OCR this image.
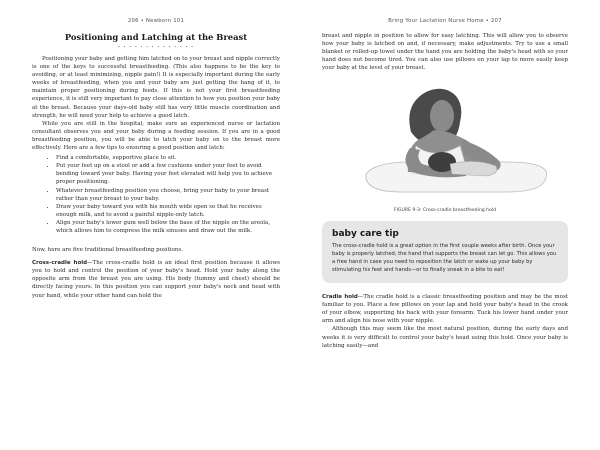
206 • Newborn 101
Positioning and Latching at the Breast
• • • • • • • • • • • • • •

Positioning your baby and getting him latched on to your breast and nipple correctly is one of the keys to successful breastfeeding. (This also happens to be the key to avoiding, or at least minimizing, nipple pain!) It is especially important during the early weeks of breastfeeding, when you and your baby are just getting the hang of it, to maintain proper positioning during feeds. If this is not your first breastfeeding experience, it is still very important to pay close attention to how you position your baby at the breast. Because your days-old baby still has very little muscle coordination and strength, he will need your help to achieve a good latch.

While you are still in the hospital, make sure an experienced nurse or lactation consultant observes you and your baby during a feeding session. If you are in a good breastfeeding position, you will be able to latch your baby on to the breast more effectively. Here are a few tips to ensuring a good position and latch:

• Find a comfortable, supportive place to sit.
• Put your feet up on a stool or add a few cushions under your feet to avoid bending toward your baby. Having your feet elevated will help you to achieve proper positioning.
• Whatever breastfeeding position you choose, bring your baby to your breast rather than your breast to your baby.
• Draw your baby toward you with his mouth wide open so that he receives enough milk, and to avoid a painful nipple-only latch.
• Align your baby's lower gum well below the base of the nipple on the areola, which allows him to compress the milk sinuses and draw out the milk.

Now, here are five traditional breastfeeding positions.

Cross-cradle hold—The cross-cradle hold is an ideal first position because it allows you to hold and control the position of your baby's head. Hold your baby along the opposite arm from the breast you are using. His body (tummy and chest) should be directly facing yours. In this position you can support your baby's neck and head with your hand, while your other hand can hold the

Bring Your Lactation Nurse Home • 207

breast and nipple in position to allow for easy latching. This will allow you to observe how your baby is latched on and, if necessary, make adjustments. Try to use a small blanket or rolled-up towel under the hand you are holding the baby's head with so your hand does not become tired. You can also use pillows on your lap to more easily keep your baby at the level of your breast.

FIGURE 9-3: Cross-cradle breastfeeding hold
baby care tip
The cross-cradle hold is a great option in the first couple weeks after birth. Once your baby is properly latched, the hand that supports the breast can let go. This allows you a free hand in case you need to reposition the latch or wake up your baby by stimulating his feet and hands—or to finally sneak in a bite to eat!

Cradle hold—The cradle hold is a classic breastfeeding position and may be the most familiar to you. Place a few pillows on your lap and hold your baby's head in the crook of your elbow, supporting his back with your forearm. Tuck his lower hand under your arm and align his nose with your nipple.

Although this may seem like the most natural position, during the early days and weeks it is very difficult to control your baby's head using this hold. Once your baby is latching easily—and
